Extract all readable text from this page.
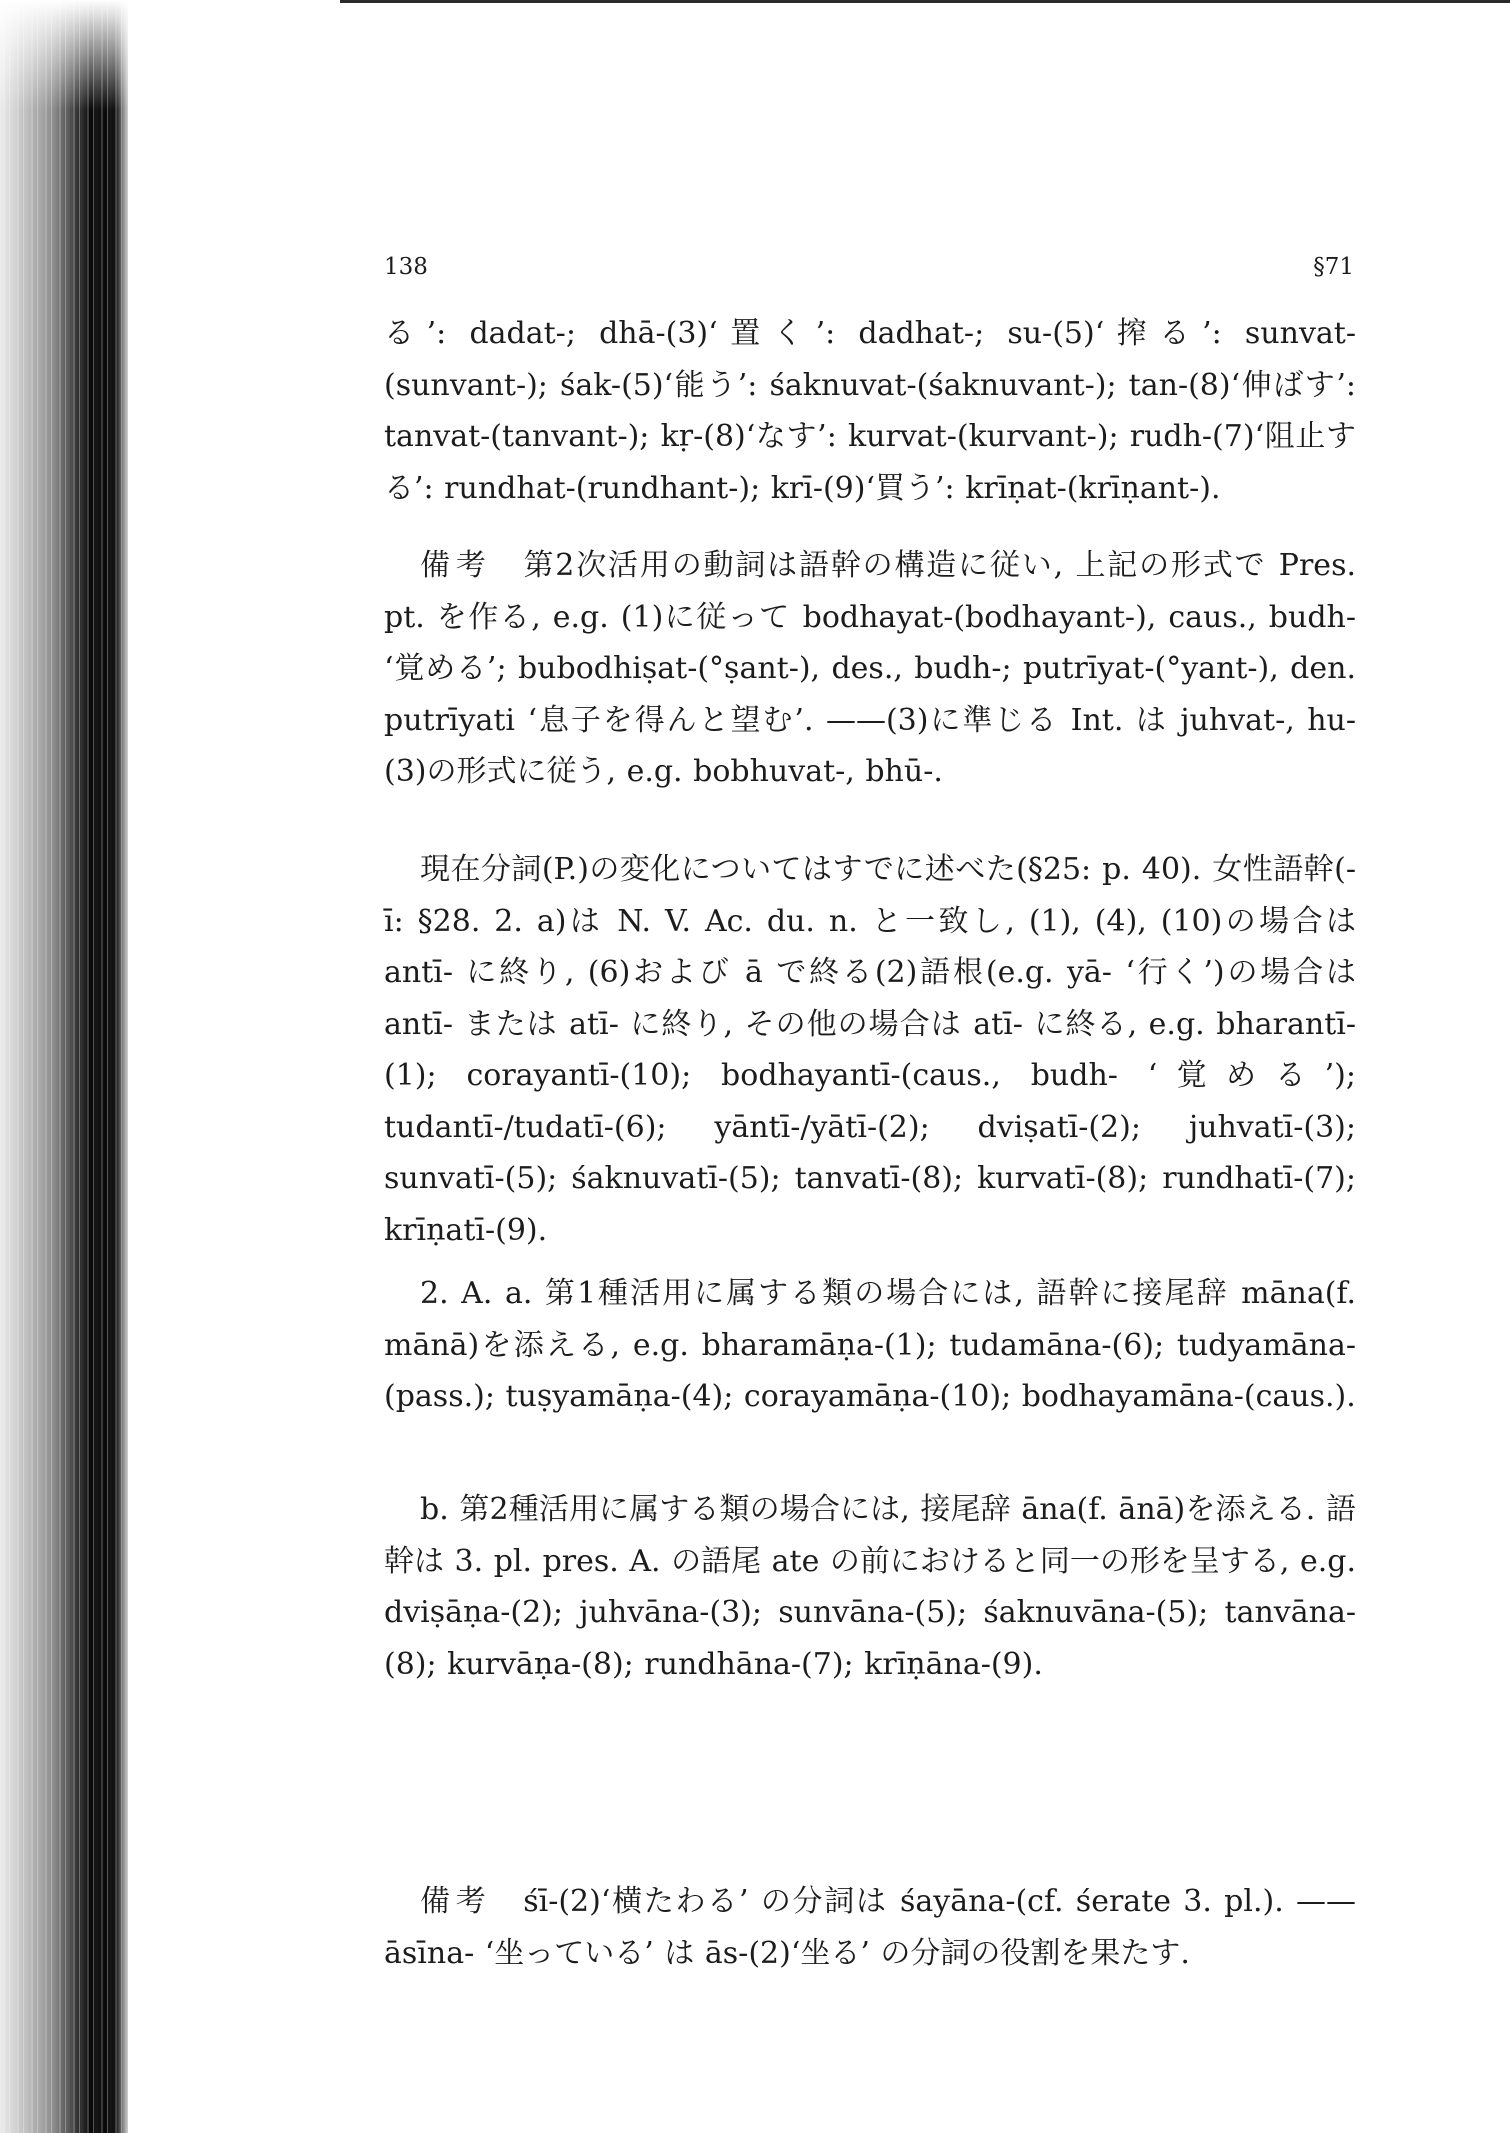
138	§71

る’: dadat-; dhā-(3)‘置く’: dadhat-; su-(5)‘搾る’: sunvat-(sunvant-); śak-(5)‘能う’: śaknuvat-(śaknuvant-); tan-(8)‘伸ばす’: tanvat-(tanvant-); kṛ-(8)‘なす’: kurvat-(kurvant-); rudh-(7)‘阻止する’: rundhat-(rundhant-); krī-(9)‘買う’: krīṇat-(krīṇant-).

備考　 第2次活用の動詞は語幹の構造に従い, 上記の形式で Pres. pt. を作る, e.g. (1)に従って bodhayat-(bodhayant-), caus., budh- ‘覚める’; bubodhiṣat-(°ṣant-), des., budh-; putrīyat-(°yant-), den. putrīyati ‘息子を得んと望む’. ——(3)に準じる Int. は juhvat-, hu-(3)の形式に従う, e.g. bobhuvat-, bhū-.

現在分詞(P.)の変化についてはすでに述べた(§25: p. 40). 女性語幹(-ī: §28. 2. a)は N. V. Ac. du. n. と一致し, (1), (4), (10)の場合は antī- に終り, (6)および ā で終る(2)語根(e.g. yā- ‘行く’)の場合は antī- または atī- に終り, その他の場合は atī- に終る, e.g. bharantī-(1); corayantī-(10); bodhayantī-(caus., budh- ‘覚める’); tudantī-/tudatī-(6); yāntī-/yātī-(2); dviṣatī-(2); juhvatī-(3); sunvatī-(5); śaknuvatī-(5); tanvatī-(8); kurvatī-(8); rundhatī-(7); krīṇatī-(9).

2. A. a. 第1種活用に属する類の場合には, 語幹に接尾辞 māna(f. mānā)を添える, e.g. bharamāṇa-(1); tudamāna-(6); tudyamāna-(pass.); tuṣyamāṇa-(4); corayamāṇa-(10); bodhayamāna-(caus.).

b. 第2種活用に属する類の場合には, 接尾辞 āna(f. ānā)を添える. 語幹は 3. pl. pres. A. の語尾 ate の前におけると同一の形を呈する, e.g. dviṣāṇa-(2); juhvāna-(3); sunvāna-(5); śaknuvāna-(5); tanvāna-(8); kurvāṇa-(8); rundhāna-(7); krīṇāna-(9).

備考　 śī-(2)‘横たわる’ の分詞は śayāna-(cf. śerate 3. pl.). —— āsīna- ‘坐っている’ は ās-(2)‘坐る’ の分詞の役割を果たす.
